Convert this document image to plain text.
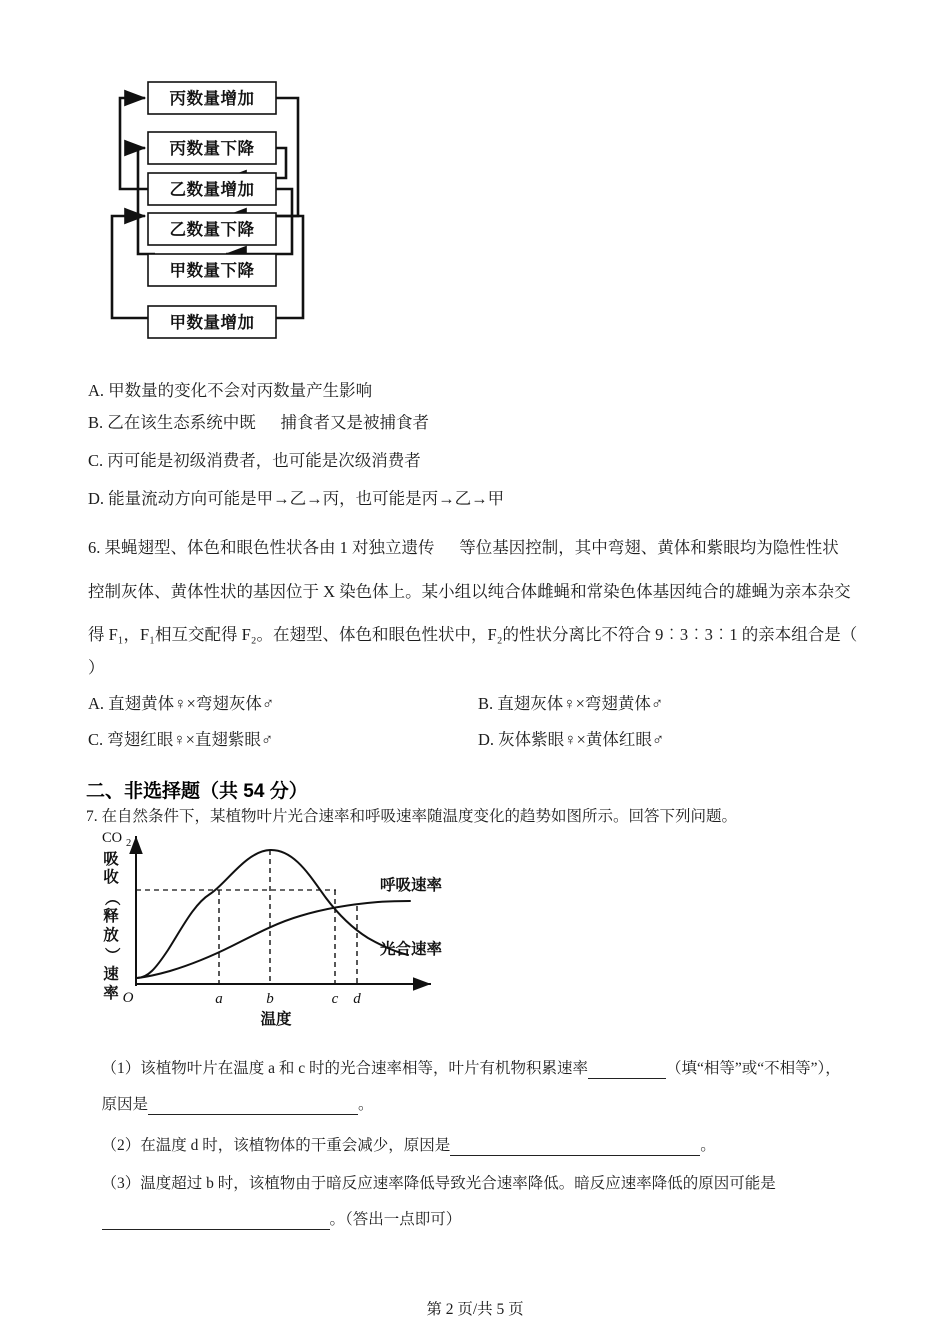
丙数量增加
丙数量下降
乙数量增加
乙数量下降
甲数量下降
甲数量增加
A. 甲数量的变化不会对丙数量产生影响
B. 乙在该生态系统中既      捕食者又是被捕食者
C. 丙可能是初级消费者，也可能是次级消费者
D. 能量流动方向可能是甲→乙→丙，也可能是丙→乙→甲
6. 果蝇翅型、体色和眼色性状各由 1 对独立遗传      等位基因控制，其中弯翅、黄体和紫眼均为隐性性状
控制灰体、黄体性状的基因位于 X 染色体上。某小组以纯合体雌蝇和常染色体基因纯合的雄蝇为亲本杂交
得 F₁，F₁相互交配得 F₂。在翅型、体色和眼色性状中，F₂的性状分离比不符合 9︰3︰3︰1 的亲本组合是（
）
A. 直翅黄体♀×弯翅灰体♂	B. 直翅灰体♀×弯翅黄体♂
C. 弯翅红眼♀×直翅紫眼♂	D. 灰体紫眼♀×黄体红眼♂
二、非选择题（共 54 分）
7. 在自然条件下，某植物叶片光合速率和呼吸速率随温度变化的趋势如图所示。回答下列问题。
CO 2
吸
收
（
释
放
）
速
率 O	a	b	c d
温度
呼吸速率
光合速率

（1）该植物叶片在温度 a 和 c 时的光合速率相等，叶片有机物积累速率	（填“相等”或“不相等”），

原因是	。

（2）在温度 d 时，该植物体的干重会减少，原因是	。

（3）温度超过 b 时，该植物由于暗反应速率降低导致光合速率降低。暗反应速率降低的原因可能是

。（答出一点即可）

第 2 页/共 5 页
